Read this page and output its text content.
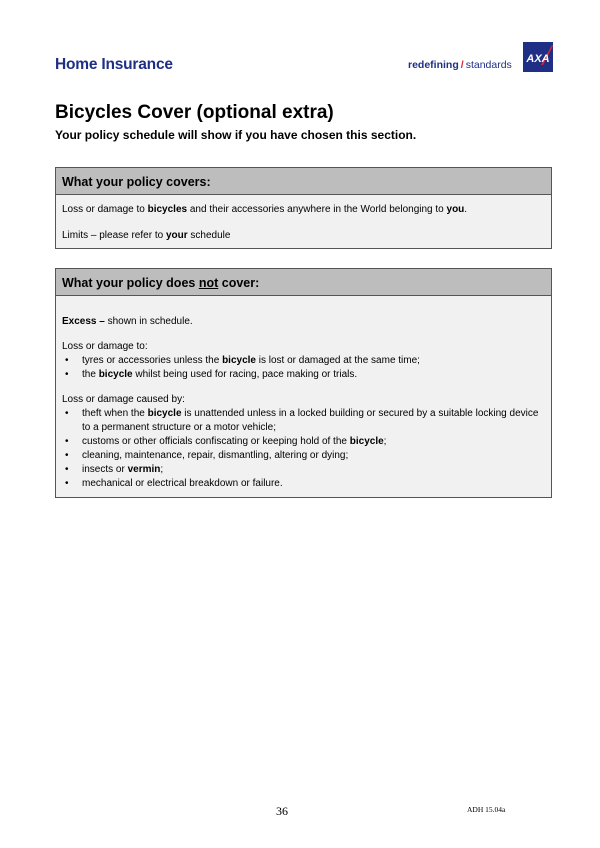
Home Insurance	redefining / standards AXA
Bicycles Cover (optional extra)
Your policy schedule will show if you have chosen this section.
What your policy covers:

Loss or damage to bicycles and their accessories anywhere in the World belonging to you.

Limits – please refer to your schedule

What your policy does not cover:

Excess – shown in schedule.

Loss or damage to:

• tyres or accessories unless the bicycle is lost or damaged at the same time;
• the bicycle whilst being used for racing, pace making or trials.

Loss or damage caused by:

• theft when the bicycle is unattended unless in a locked building or secured by a suitable locking device to a permanent structure or a motor vehicle;
• customs or other officials confiscating or keeping hold of the bicycle;
• cleaning, maintenance, repair, dismantling, altering or dying;
• insects or vermin;
• mechanical or electrical breakdown or failure.
36	ADH 15.04a
